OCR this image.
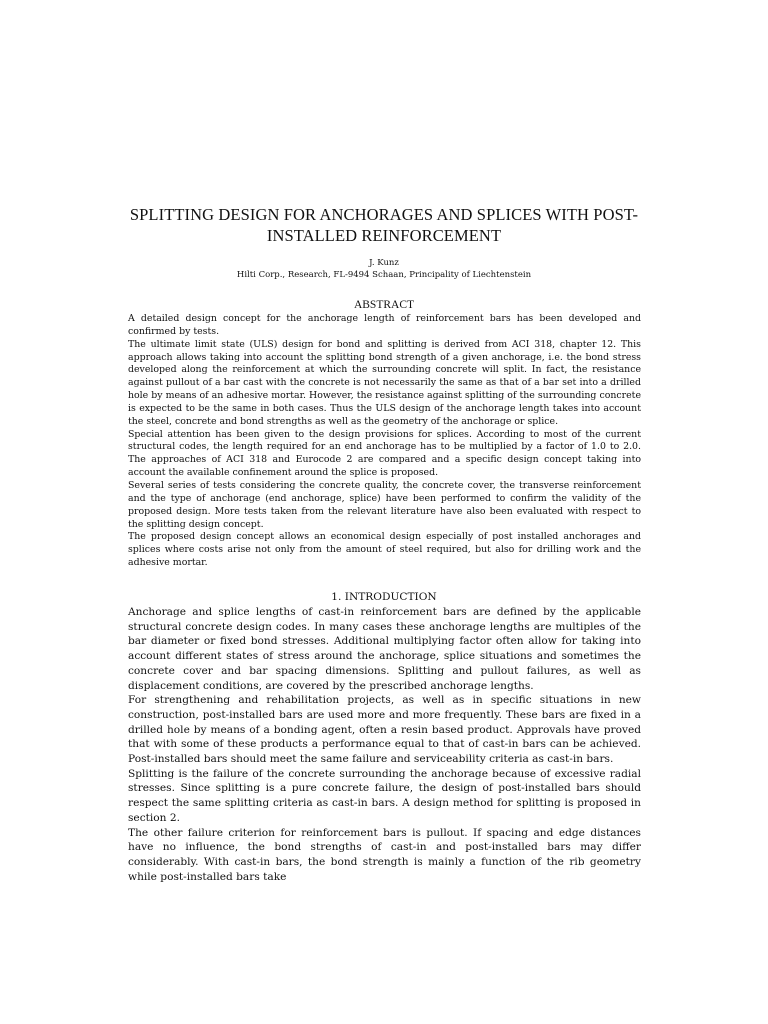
SPLITTING DESIGN FOR ANCHORAGES AND SPLICES WITH POST-INSTALLED REINFORCEMENT
J. Kunz
Hilti Corp., Research, FL-9494 Schaan, Principality of Liechtenstein
ABSTRACT

A detailed design concept for the anchorage length of reinforcement bars has been developed and confirmed by tests.

The ultimate limit state (ULS) design for bond and splitting is derived from ACI 318, chapter 12. This approach allows taking into account the splitting bond strength of a given anchorage, i.e. the bond stress developed along the reinforcement at which the surrounding concrete will split. In fact, the resistance against pullout of a bar cast with the concrete is not necessarily the same as that of a bar set into a drilled hole by means of an adhesive mortar. However, the resistance against splitting of the surrounding concrete is expected to be the same in both cases. Thus the ULS design of the anchorage length takes into account the steel, concrete and bond strengths as well as the geometry of the anchorage or splice.

Special attention has been given to the design provisions for splices. According to most of the current structural codes, the length required for an end anchorage has to be multiplied by a factor of 1.0 to 2.0. The approaches of ACI 318 and Eurocode 2 are compared and a specific design concept taking into account the available confinement around the splice is proposed.

Several series of tests considering the concrete quality, the concrete cover, the transverse reinforcement and the type of anchorage (end anchorage, splice) have been performed to confirm the validity of the proposed design. More tests taken from the relevant literature have also been evaluated with respect to the splitting design concept.

The proposed design concept allows an economical design especially of post installed anchorages and splices where costs arise not only from the amount of steel required, but also for drilling work and the adhesive mortar.

1. INTRODUCTION

Anchorage and splice lengths of cast-in reinforcement bars are defined by the applicable structural concrete design codes. In many cases these anchorage lengths are multiples of the bar diameter or fixed bond stresses. Additional multiplying factor often allow for taking into account different states of stress around the anchorage, splice situations and sometimes the concrete cover and bar spacing dimensions. Splitting and pullout failures, as well as displacement conditions, are covered by the prescribed anchorage lengths.

For strengthening and rehabilitation projects, as well as in specific situations in new construction, post-installed bars are used more and more frequently. These bars are fixed in a drilled hole by means of a bonding agent, often a resin based product. Approvals have proved that with some of these products a performance equal to that of cast-in bars can be achieved. Post-installed bars should meet the same failure and serviceability criteria as cast-in bars.

Splitting is the failure of the concrete surrounding the anchorage because of excessive radial stresses. Since splitting is a pure concrete failure, the design of post-installed bars should respect the same splitting criteria as cast-in bars. A design method for splitting is proposed in section 2.

The other failure criterion for reinforcement bars is pullout. If spacing and edge distances have no influence, the bond strengths of cast-in and post-installed bars may differ considerably. With cast-in bars, the bond strength is mainly a function of the rib geometry while post-installed bars take
